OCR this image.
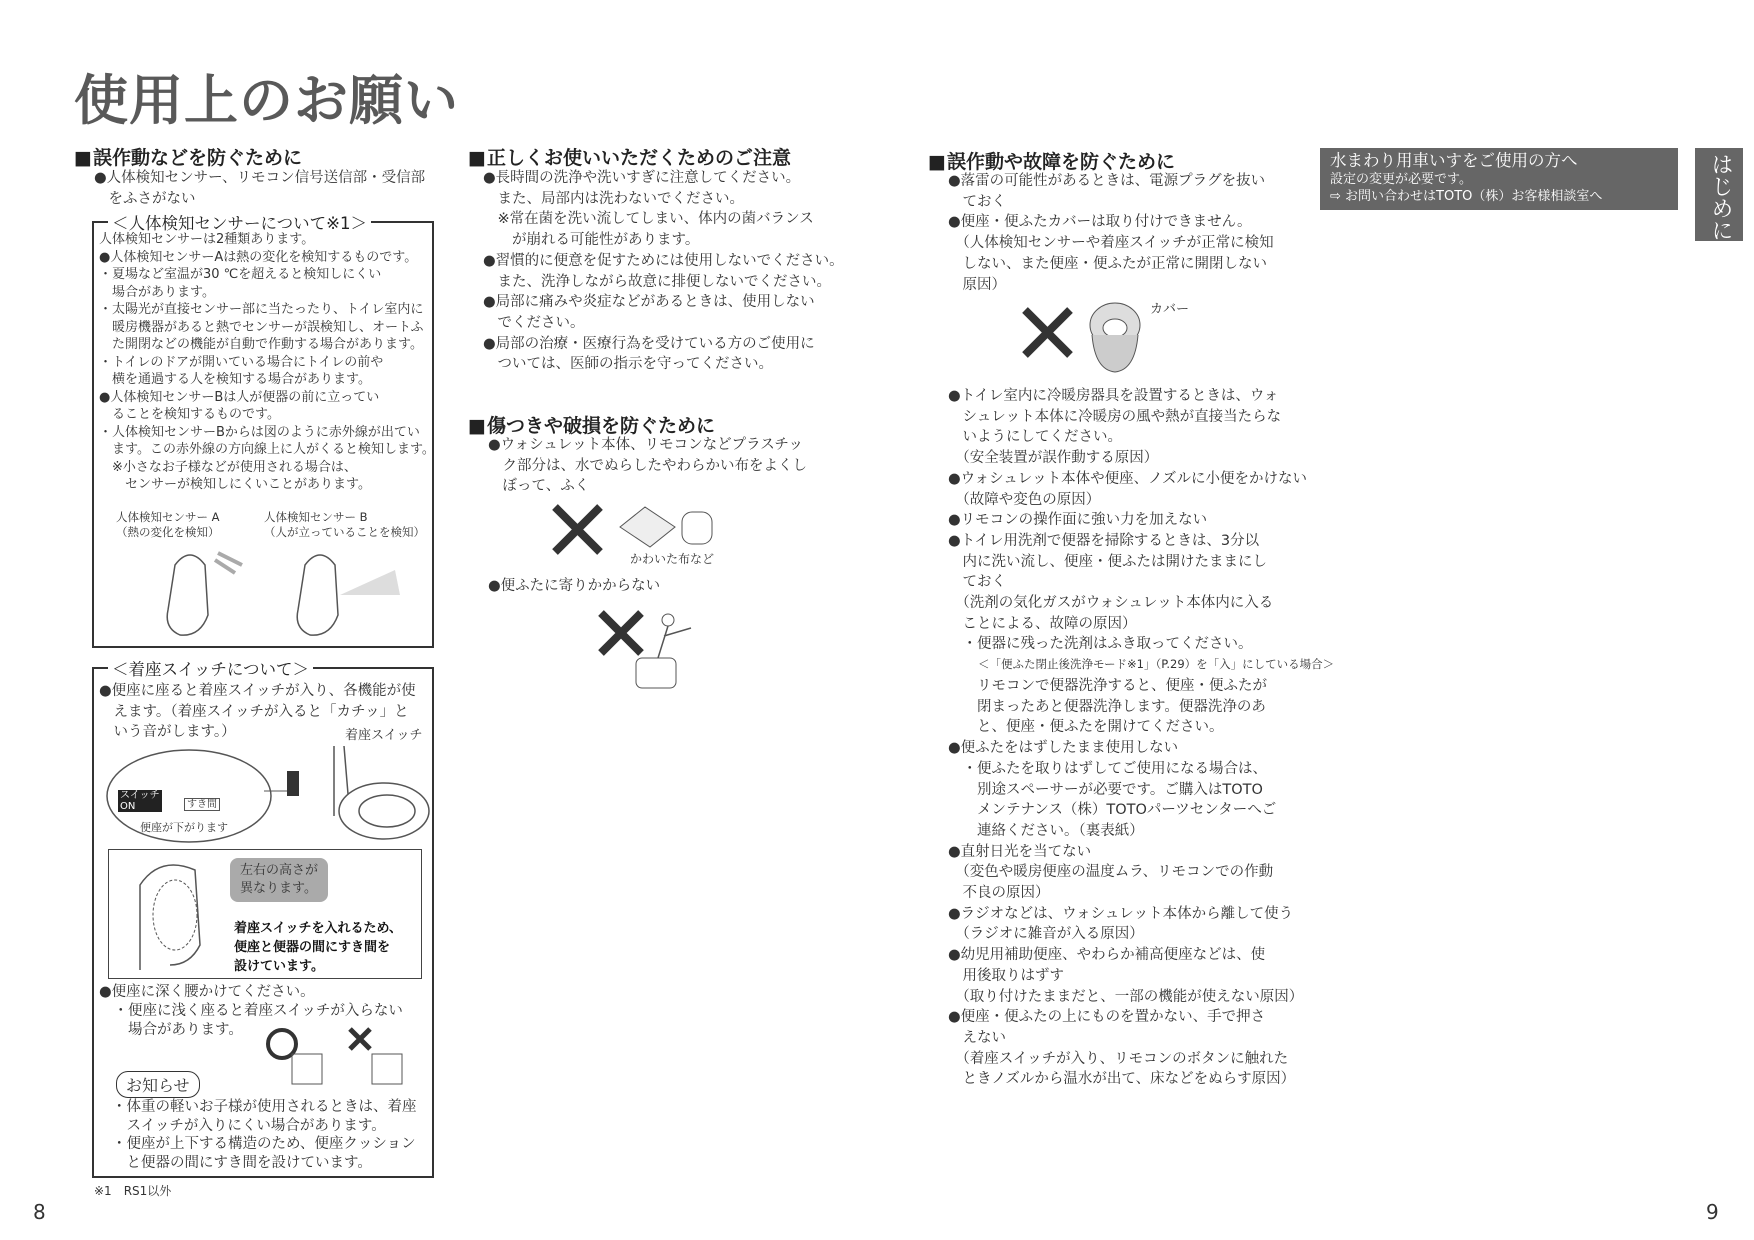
使用上のお願い
■ 誤作動などを防ぐために
●人体検知センサー、リモコン信号送信部・受信部
　をふさがない
＜人体検知センサーについて※1＞
人体検知センサーは2種類あります。
●人体検知センサーAは熱の変化を検知するものです。
・夏場など室温が30 ℃を超えると検知しにくい
　場合があります。
・太陽光が直接センサー部に当たったり、トイレ室内に
　暖房機器があると熱でセンサーが誤検知し、オートふ
　た開閉などの機能が自動で作動する場合があります。
・トイレのドアが開いている場合にトイレの前や
　横を通過する人を検知する場合があります。
●人体検知センサーBは人が便器の前に立ってい
　ることを検知するものです。
・人体検知センサーBからは図のように赤外線が出てい
　ます。この赤外線の方向線上に人がくると検知します。
　※小さなお子様などが使用される場合は、
　　センサーが検知しにくいことがあります。
人体検知センサー A
（熱の変化を検知）
人体検知センサー B
（人が立っていることを検知）
＜着座スイッチについて＞
●便座に座ると着座スイッチが入り、各機能が使
　えます。（着座スイッチが入ると「カチッ」と
　いう音がします。）	着座スイッチ
スイッチ
ON	すき間
便座が下がります
左右の高さが
異なります。
着座スイッチを入れるため、
便座と便器の間にすき間を
設けています。
●便座に深く腰かけてください。
　・便座に浅く座ると着座スイッチが入らない
　　場合があります。
お知らせ
・体重の軽いお子様が使用されるときは、着座
　スイッチが入りにくい場合があります。
・便座が上下する構造のため、便座クッション
　と便器の間にすき間を設けています。
※1　RS1以外
8
■ 正しくお使いいただくためのご注意
●長時間の洗浄や洗いすぎに注意してください。
　また、局部内は洗わないでください。
　※常在菌を洗い流してしまい、体内の菌バランス
　　が崩れる可能性があります。
●習慣的に便意を促すためには使用しないでください。
　また、洗浄しながら故意に排便しないでください。
●局部に痛みや炎症などがあるときは、使用しない
　でください。
●局部の治療・医療行為を受けている方のご使用に
　ついては、医師の指示を守ってください。
■ 傷つきや破損を防ぐために
●ウォシュレット本体、リモコンなどプラスチッ
　ク部分は、水でぬらしたやわらかい布をよくし
　ぼって、ふく
かわいた布など
●便ふたに寄りかからない
■ 誤作動や故障を防ぐために
●落雷の可能性があるときは、電源プラグを抜い
　ておく
●便座・便ふたカバーは取り付けできません。
　（人体検知センサーや着座スイッチが正常に検知
　しない、また便座・便ふたが正常に開閉しない
　原因）
カバー
●トイレ室内に冷暖房器具を設置するときは、ウォ
　シュレット本体に冷暖房の風や熱が直接当たらな
　いようにしてください。
　（安全装置が誤作動する原因）
●ウォシュレット本体や便座、ノズルに小便をかけない
　（故障や変色の原因）
●リモコンの操作面に強い力を加えない
●トイレ用洗剤で便器を掃除するときは、3分以
　内に洗い流し、便座・便ふたは開けたままにし
　ておく
　（洗剤の気化ガスがウォシュレット本体内に入る
　ことによる、故障の原因）
　・便器に残った洗剤はふき取ってください。
＜「便ふた閉止後洗浄モード※1」（P.29）を「入」にしている場合＞
　　リモコンで便器洗浄すると、便座・便ふたが
　　閉まったあと便器洗浄します。便器洗浄のあ
　　と、便座・便ふたを開けてください。
●便ふたをはずしたまま使用しない
　・便ふたを取りはずしてご使用になる場合は、
　　別途スペーサーが必要です。ご購入はTOTO
　　メンテナンス（株）TOTOパーツセンターへご
　　連絡ください。（裏表紙）
●直射日光を当てない
　（変色や暖房便座の温度ムラ、リモコンでの作動
　不良の原因）
●ラジオなどは、ウォシュレット本体から離して使う
　（ラジオに雑音が入る原因）
●幼児用補助便座、やわらか補高便座などは、使
　用後取りはずす
　（取り付けたままだと、一部の機能が使えない原因）
●便座・便ふたの上にものを置かない、手で押さ
　えない
　（着座スイッチが入り、リモコンのボタンに触れた
　ときノズルから温水が出て、床などをぬらす原因）
水まわり用車いすをご使用の方へ
設定の変更が必要です。
⇨ お問い合わせはTOTO（株）お客様相談室へ	はじめに
9
